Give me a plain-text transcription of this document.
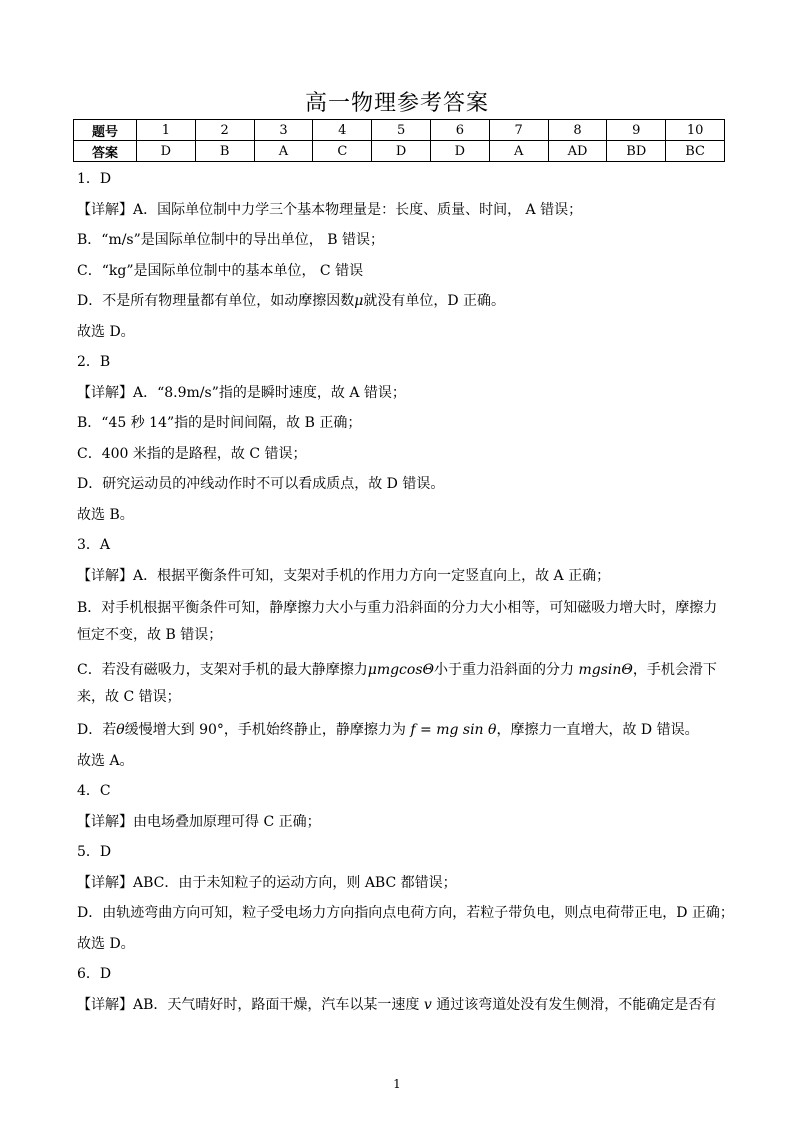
高一物理参考答案
题号	1	2	3	4	5	6	7	8	9	10
答案	D	B	A	C	D	D	A	AD	BD	BC
1．D
【详解】A．国际单位制中力学三个基本物理量是：长度、质量、时间， A 错误；
B．“m/s”是国际单位制中的导出单位， B 错误；
C．“kg”是国际单位制中的基本单位， C 错误
D．不是所有物理量都有单位，如动摩擦因数μ就没有单位，D 正确。
故选 D。
2．B
【详解】A．“8.9m/s”指的是瞬时速度，故 A 错误；
B．“45 秒 14”指的是时间间隔，故 B 正确；
C．400 米指的是路程，故 C 错误；
D．研究运动员的冲线动作时不可以看成质点，故 D 错误。
故选 B。
3．A
【详解】A．根据平衡条件可知，支架对手机的作用力方向一定竖直向上，故 A 正确；
B．对手机根据平衡条件可知，静摩擦力大小与重力沿斜面的分力大小相等，可知磁吸力增大时，摩擦力恒定不变，故 B 错误；
C．若没有磁吸力，支架对手机的最大静摩擦力μmgcosΘ小于重力沿斜面的分力 mgsinΘ，手机会滑下来，故 C 错误；
D．若θ缓慢增大到 90°，手机始终静止，静摩擦力为 f = mg sin θ，摩擦力一直增大，故 D 错误。
故选 A。
4．C
【详解】由电场叠加原理可得 C 正确；
5．D
【详解】ABC．由于未知粒子的运动方向，则 ABC 都错误；
D．由轨迹弯曲方向可知，粒子受电场力方向指向点电荷方向，若粒子带负电，则点电荷带正电，D 正确；
故选 D。
6．D
【详解】AB．天气晴好时，路面干燥，汽车以某一速度 v 通过该弯道处没有发生侧滑，不能确定是否有
1
